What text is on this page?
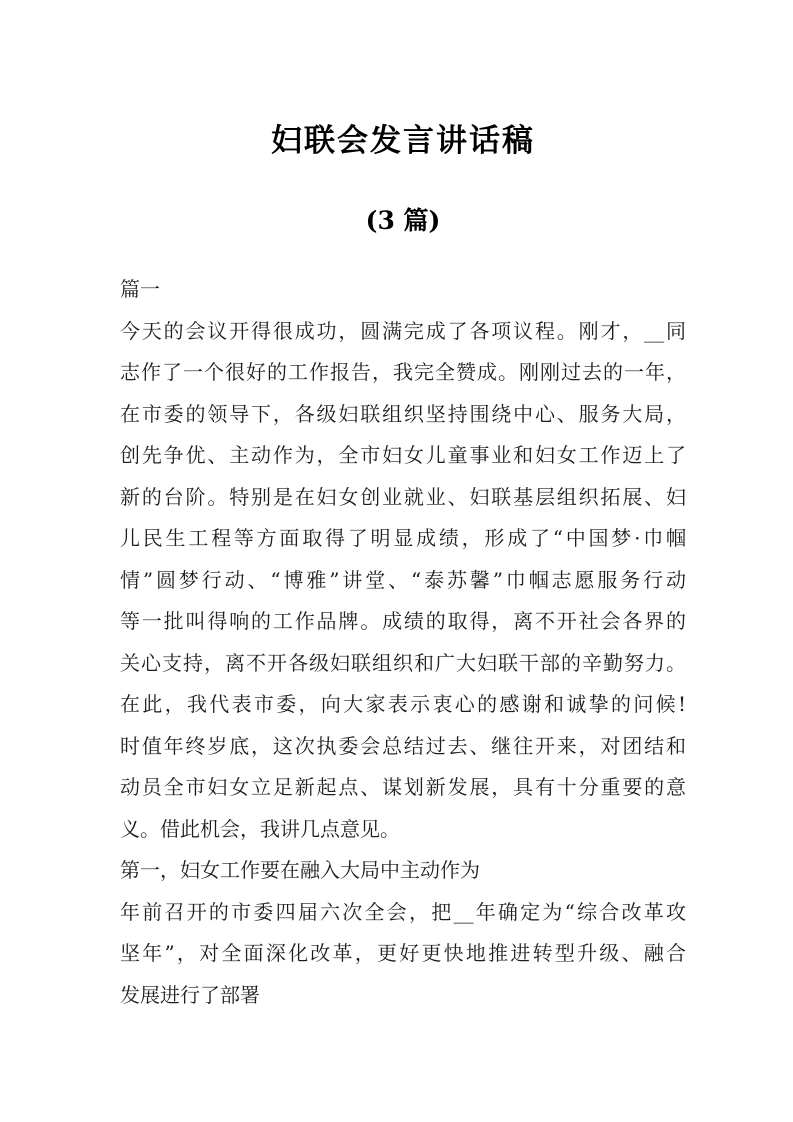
妇联会发言讲话稿
(3 篇)
篇一
今天的会议开得很成功，圆满完成了各项议程。刚才，__同
志作了一个很好的工作报告，我完全赞成。刚刚过去的一年，
在市委的领导下，各级妇联组织坚持围绕中心、服务大局，
创先争优、主动作为，全市妇女儿童事业和妇女工作迈上了
新的台阶。特别是在妇女创业就业、妇联基层组织拓展、妇
儿民生工程等方面取得了明显成绩，形成了“中国梦·巾帼
情”圆梦行动、“博雅”讲堂、“泰苏馨”巾帼志愿服务行动
等一批叫得响的工作品牌。成绩的取得，离不开社会各界的
关心支持，离不开各级妇联组织和广大妇联干部的辛勤努力。
在此，我代表市委，向大家表示衷心的感谢和诚挚的问候!
时值年终岁底，这次执委会总结过去、继往开来，对团结和
动员全市妇女立足新起点、谋划新发展，具有十分重要的意
义。借此机会，我讲几点意见。
第一，妇女工作要在融入大局中主动作为
年前召开的市委四届六次全会，把__年确定为“综合改革攻
坚年”，对全面深化改革，更好更快地推进转型升级、融合
发展进行了部署
